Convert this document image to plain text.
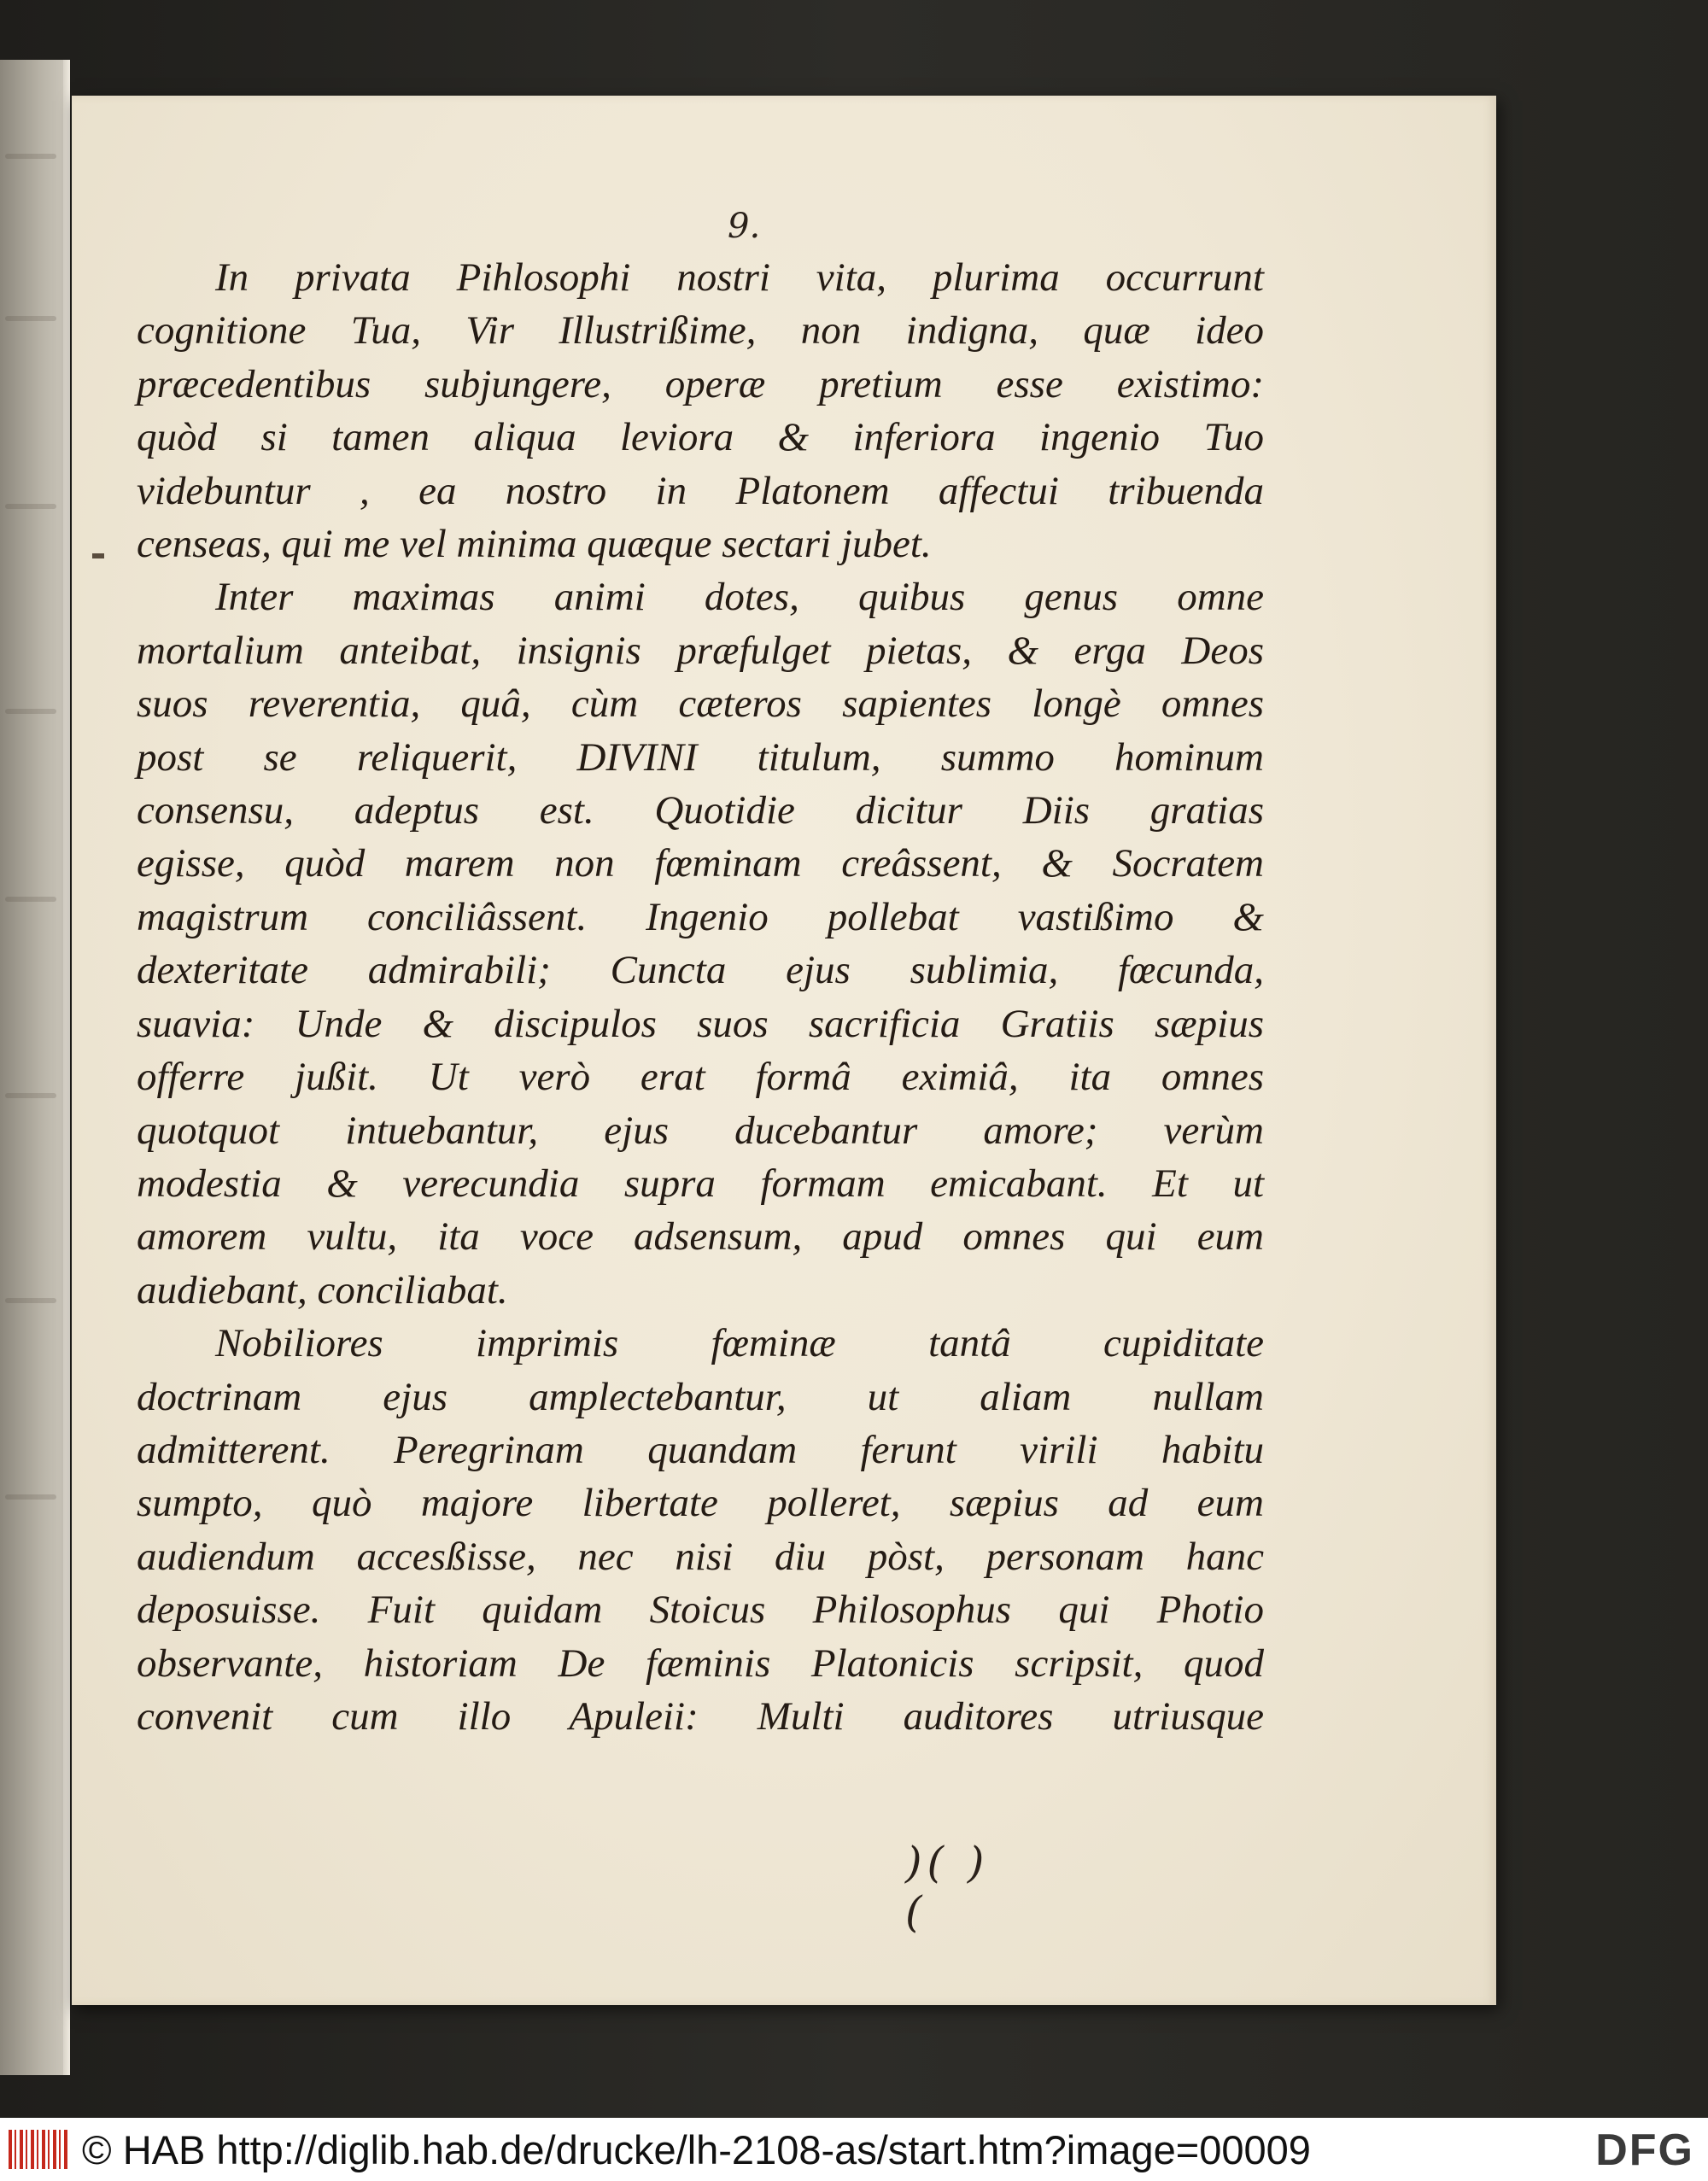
9.

In privata Pihlosophi nostri vita, plurima occurrunt

cognitione Tua, Vir Illustrißime, non indigna, quæ ideo

præcedentibus subjungere, operæ pretium esse existimo:

quòd si tamen aliqua leviora & inferiora ingenio Tuo

videbuntur , ea nostro in Platonem affectui tribuenda

censeas, qui me vel minima quæque sectari jubet.

Inter maximas animi dotes, quibus genus omne

mortalium anteibat, insignis præfulget pietas, & erga Deos

suos reverentia, quâ, cùm cæteros sapientes longè omnes

post se reliquerit, DIVINI titulum, summo hominum

consensu, adeptus est. Quotidie dicitur Diis gratias

egisse, quòd marem non fœminam creâssent, & Socratem

magistrum conciliâssent. Ingenio pollebat vastißimo &

dexteritate admirabili; Cuncta ejus sublimia, fœcunda,

suavia: Unde & discipulos suos sacrificia Gratiis sæpius

offerre jußit. Ut verò erat formâ eximiâ, ita omnes

quotquot intuebantur, ejus ducebantur amore; verùm

modestia & verecundia supra formam emicabant. Et ut

amorem vultu, ita voce adsensum, apud omnes qui eum

audiebant, conciliabat.

Nobiliores imprimis fœminæ tantâ cupiditate

doctrinam ejus amplectebantur, ut aliam nullam

admitterent. Peregrinam quandam ferunt virili habitu

sumpto, quò majore libertate polleret, sæpius ad eum

audiendum accesßisse, nec nisi diu pòst, personam hanc

deposuisse. Fuit quidam Stoicus Philosophus qui Photio

observante, historiam De fæminis Platonicis scripsit, quod

convenit cum illo Apuleii: Multi auditores utriusque

)( )(
© HAB http://diglib.hab.de/drucke/lh-2108-as/start.htm?image=00009	DFG
